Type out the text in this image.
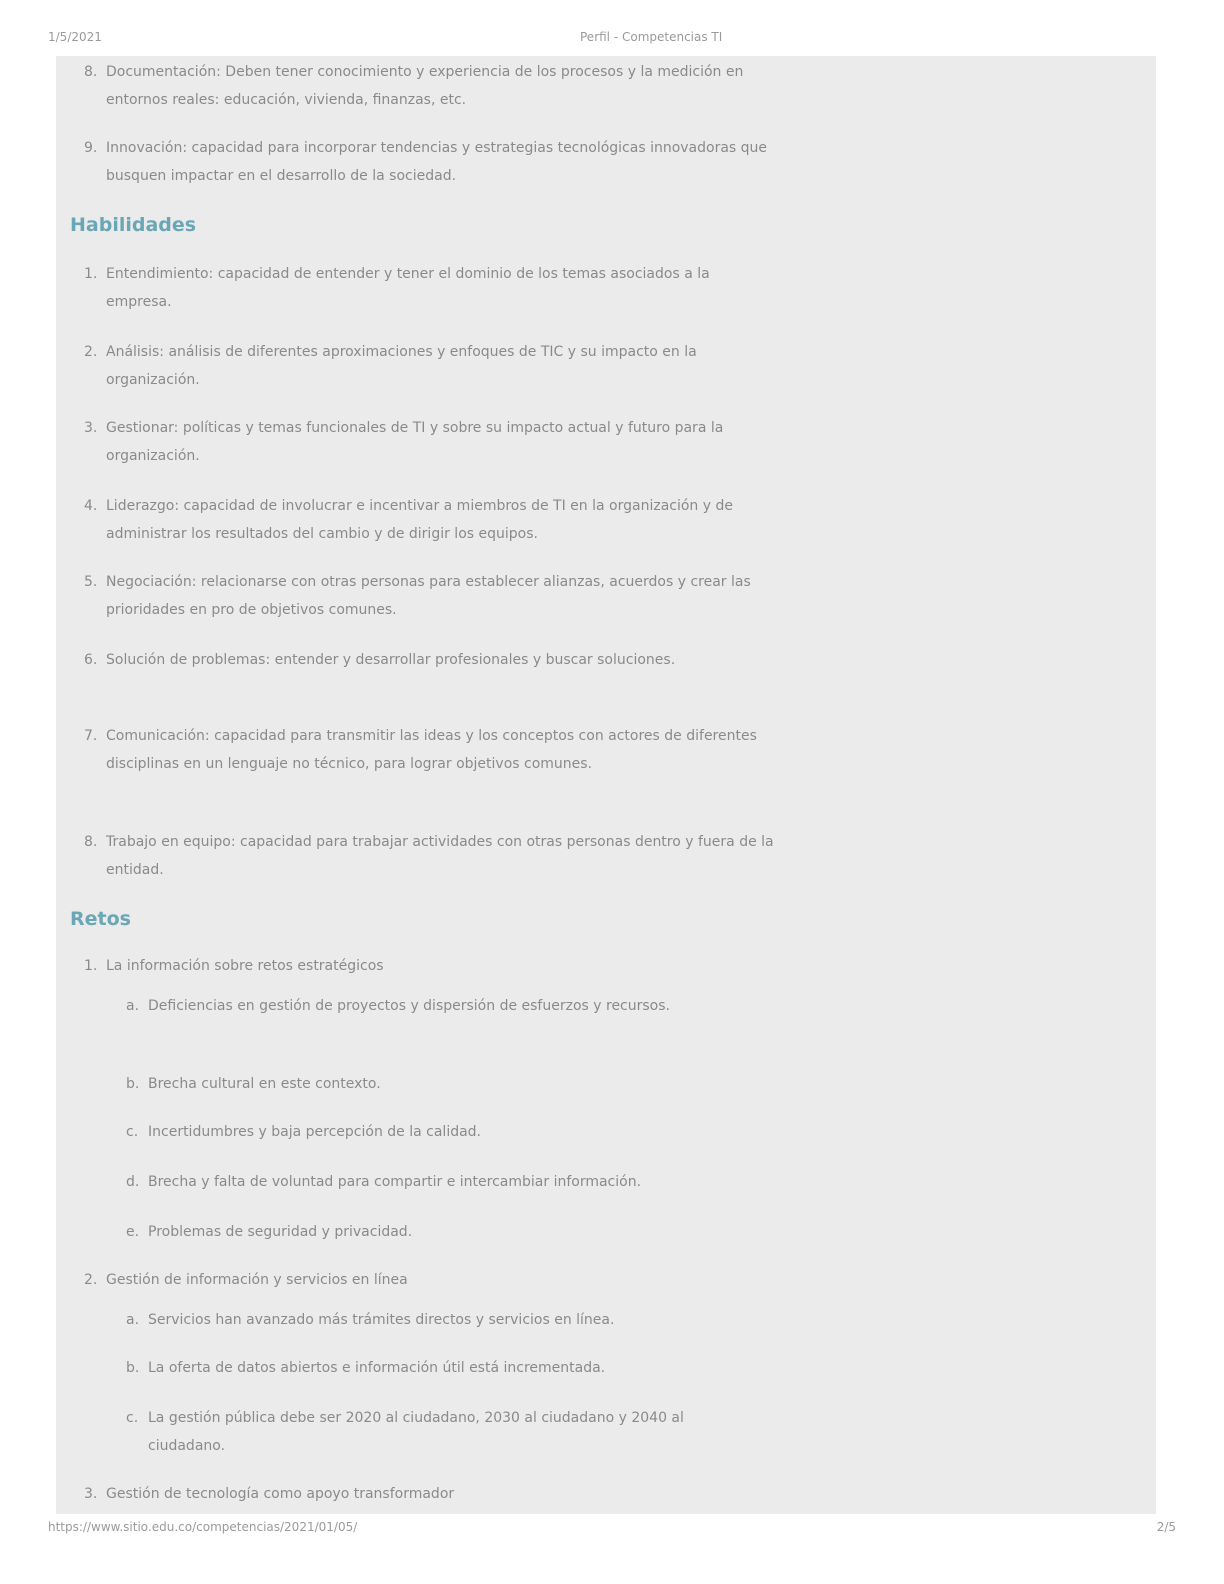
1/5/2021	Perfil - Competencias TI
8. Documentación: Deben tener conocimiento y experiencia de los procesos y la medición en entornos reales: educación, vivienda, finanzas, etc.
9. Innovación: capacidad para incorporar tendencias y estrategias tecnológicas innovadoras que busquen impactar en el desarrollo de la sociedad.
Habilidades
1. Entendimiento: capacidad de entender y tener el dominio de los temas asociados a la empresa.
2. Análisis: análisis de diferentes aproximaciones y enfoques de TIC y su impacto en la organización.
3. Gestionar: políticas y temas funcionales de TI y sobre su impacto actual y futuro para la organización.
4. Liderazgo: capacidad de involucrar e incentivar a miembros de TI en la organización y de administrar los resultados del cambio y de dirigir los equipos.
5. Negociación: relacionarse con otras personas para establecer alianzas, acuerdos y crear las prioridades en pro de objetivos comunes.
6. Solución de problemas: entender y desarrollar profesionales y buscar soluciones.
7. Comunicación: capacidad para transmitir las ideas y los conceptos con actores de diferentes disciplinas en un lenguaje no técnico, para lograr objetivos comunes.
8. Trabajo en equipo: capacidad para trabajar actividades con otras personas dentro y fuera de la entidad.
Retos
1. La información sobre retos estratégicos
a. Deficiencias en gestión de proyectos y dispersión de esfuerzos y recursos.
b. Brecha cultural en este contexto.
c. Incertidumbres y baja percepción de la calidad.
d. Brecha y falta de voluntad para compartir e intercambiar información.
e. Problemas de seguridad y privacidad.
2. Gestión de información y servicios en línea
a. Servicios han avanzado más trámites directos y servicios en línea.
b. La oferta de datos abiertos e información útil está incrementada.
c. La gestión pública debe ser 2020 al ciudadano, 2030 al ciudadano y 2040 al ciudadano.
3. Gestión de tecnología como apoyo transformador
https://www.sitio.edu.co/competencias/2021/01/05/	2/5
